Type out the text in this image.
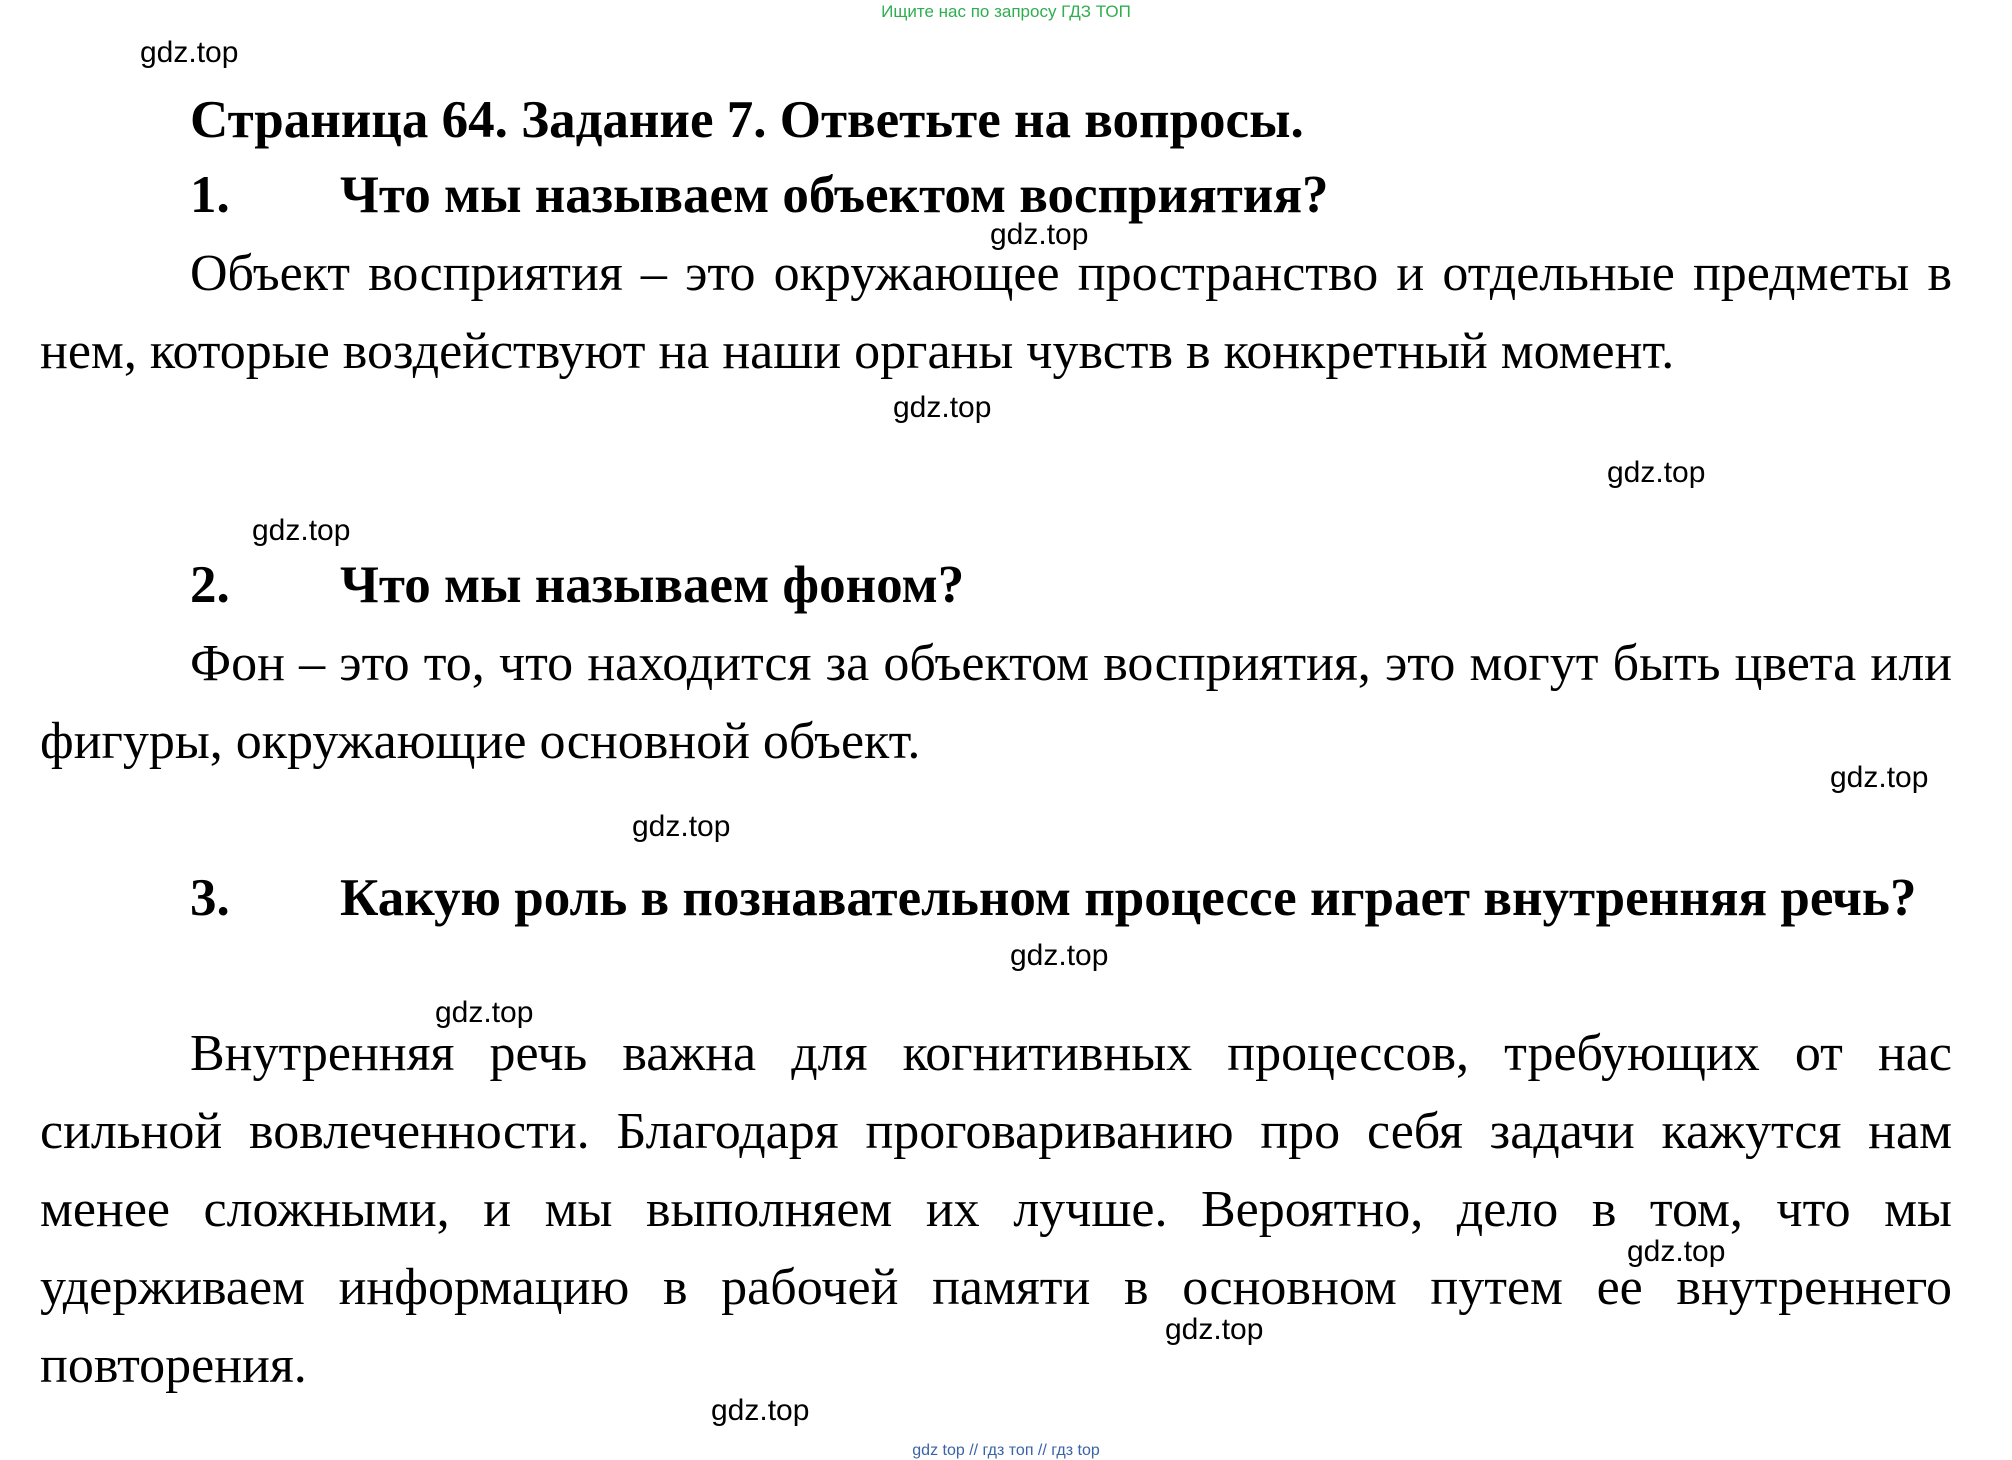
Ищите нас по запросу ГДЗ ТОП
Страница 64. Задание 7. Ответьте на вопросы.
1. Что мы называем объектом восприятия?
Объект восприятия – это окружающее пространство и отдельные предметы в нем, которые воздействуют на наши органы чувств в конкретный момент.
2. Что мы называем фоном?
Фон – это то, что находится за объектом восприятия, это могут быть цвета или фигуры, окружающие основной объект.
3. Какую роль в познавательном процессе играет внутренняя речь?
Внутренняя речь важна для когнитивных процессов, требующих от нас сильной вовлеченности. Благодаря проговариванию про себя задачи кажутся нам менее сложными, и мы выполняем их лучше. Вероятно, дело в том, что мы удерживаем информацию в рабочей памяти в основном путем ее внутреннего повторения.
gdz.top
gdz.top
gdz.top
gdz.top
gdz.top
gdz.top
gdz.top
gdz.top
gdz.top
gdz.top
gdz.top
gdz.top
gdz top // гдз топ // гдз top
